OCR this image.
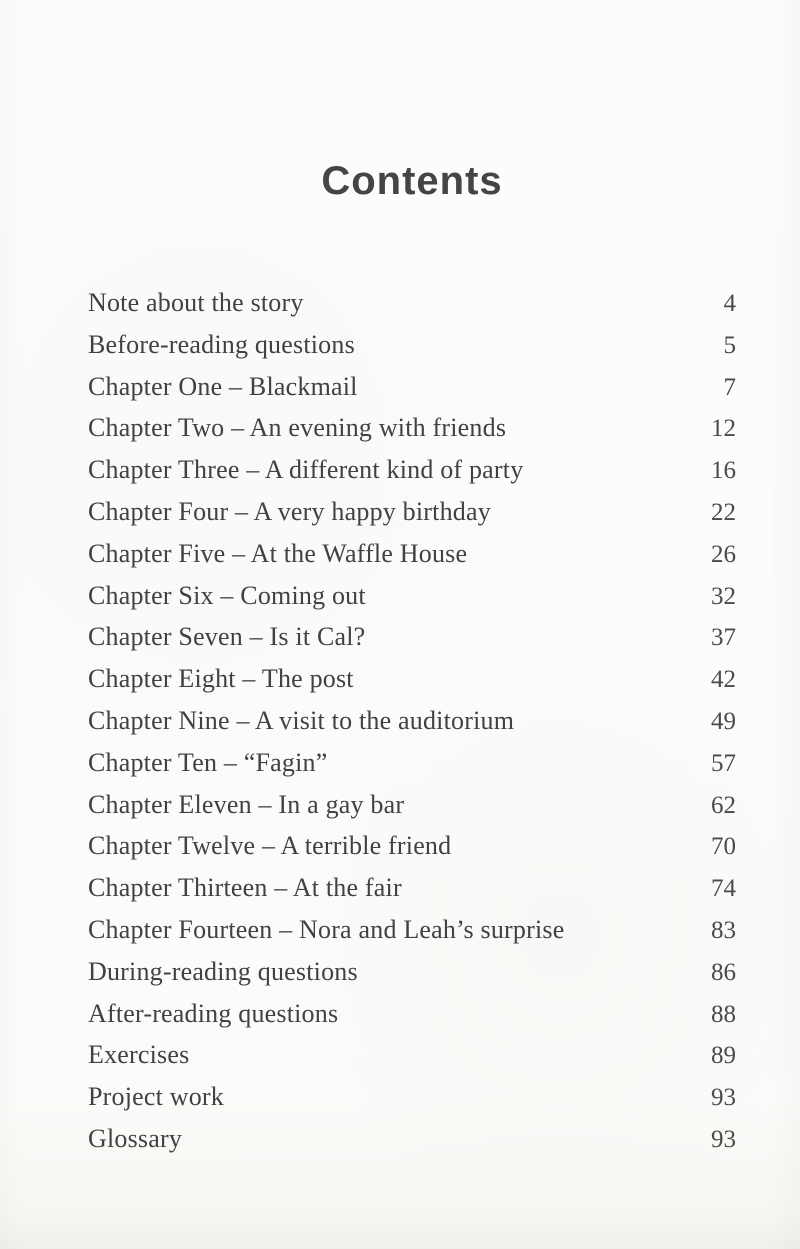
Contents
Note about the story	4
Before-reading questions	5
Chapter One – Blackmail	7
Chapter Two – An evening with friends	12
Chapter Three – A different kind of party	16
Chapter Four – A very happy birthday	22
Chapter Five – At the Waffle House	26
Chapter Six – Coming out	32
Chapter Seven – Is it Cal?	37
Chapter Eight – The post	42
Chapter Nine – A visit to the auditorium	49
Chapter Ten – “Fagin”	57
Chapter Eleven – In a gay bar	62
Chapter Twelve – A terrible friend	70
Chapter Thirteen – At the fair	74
Chapter Fourteen – Nora and Leah’s surprise	83
During-reading questions	86
After-reading questions	88
Exercises	89
Project work	93
Glossary	93
